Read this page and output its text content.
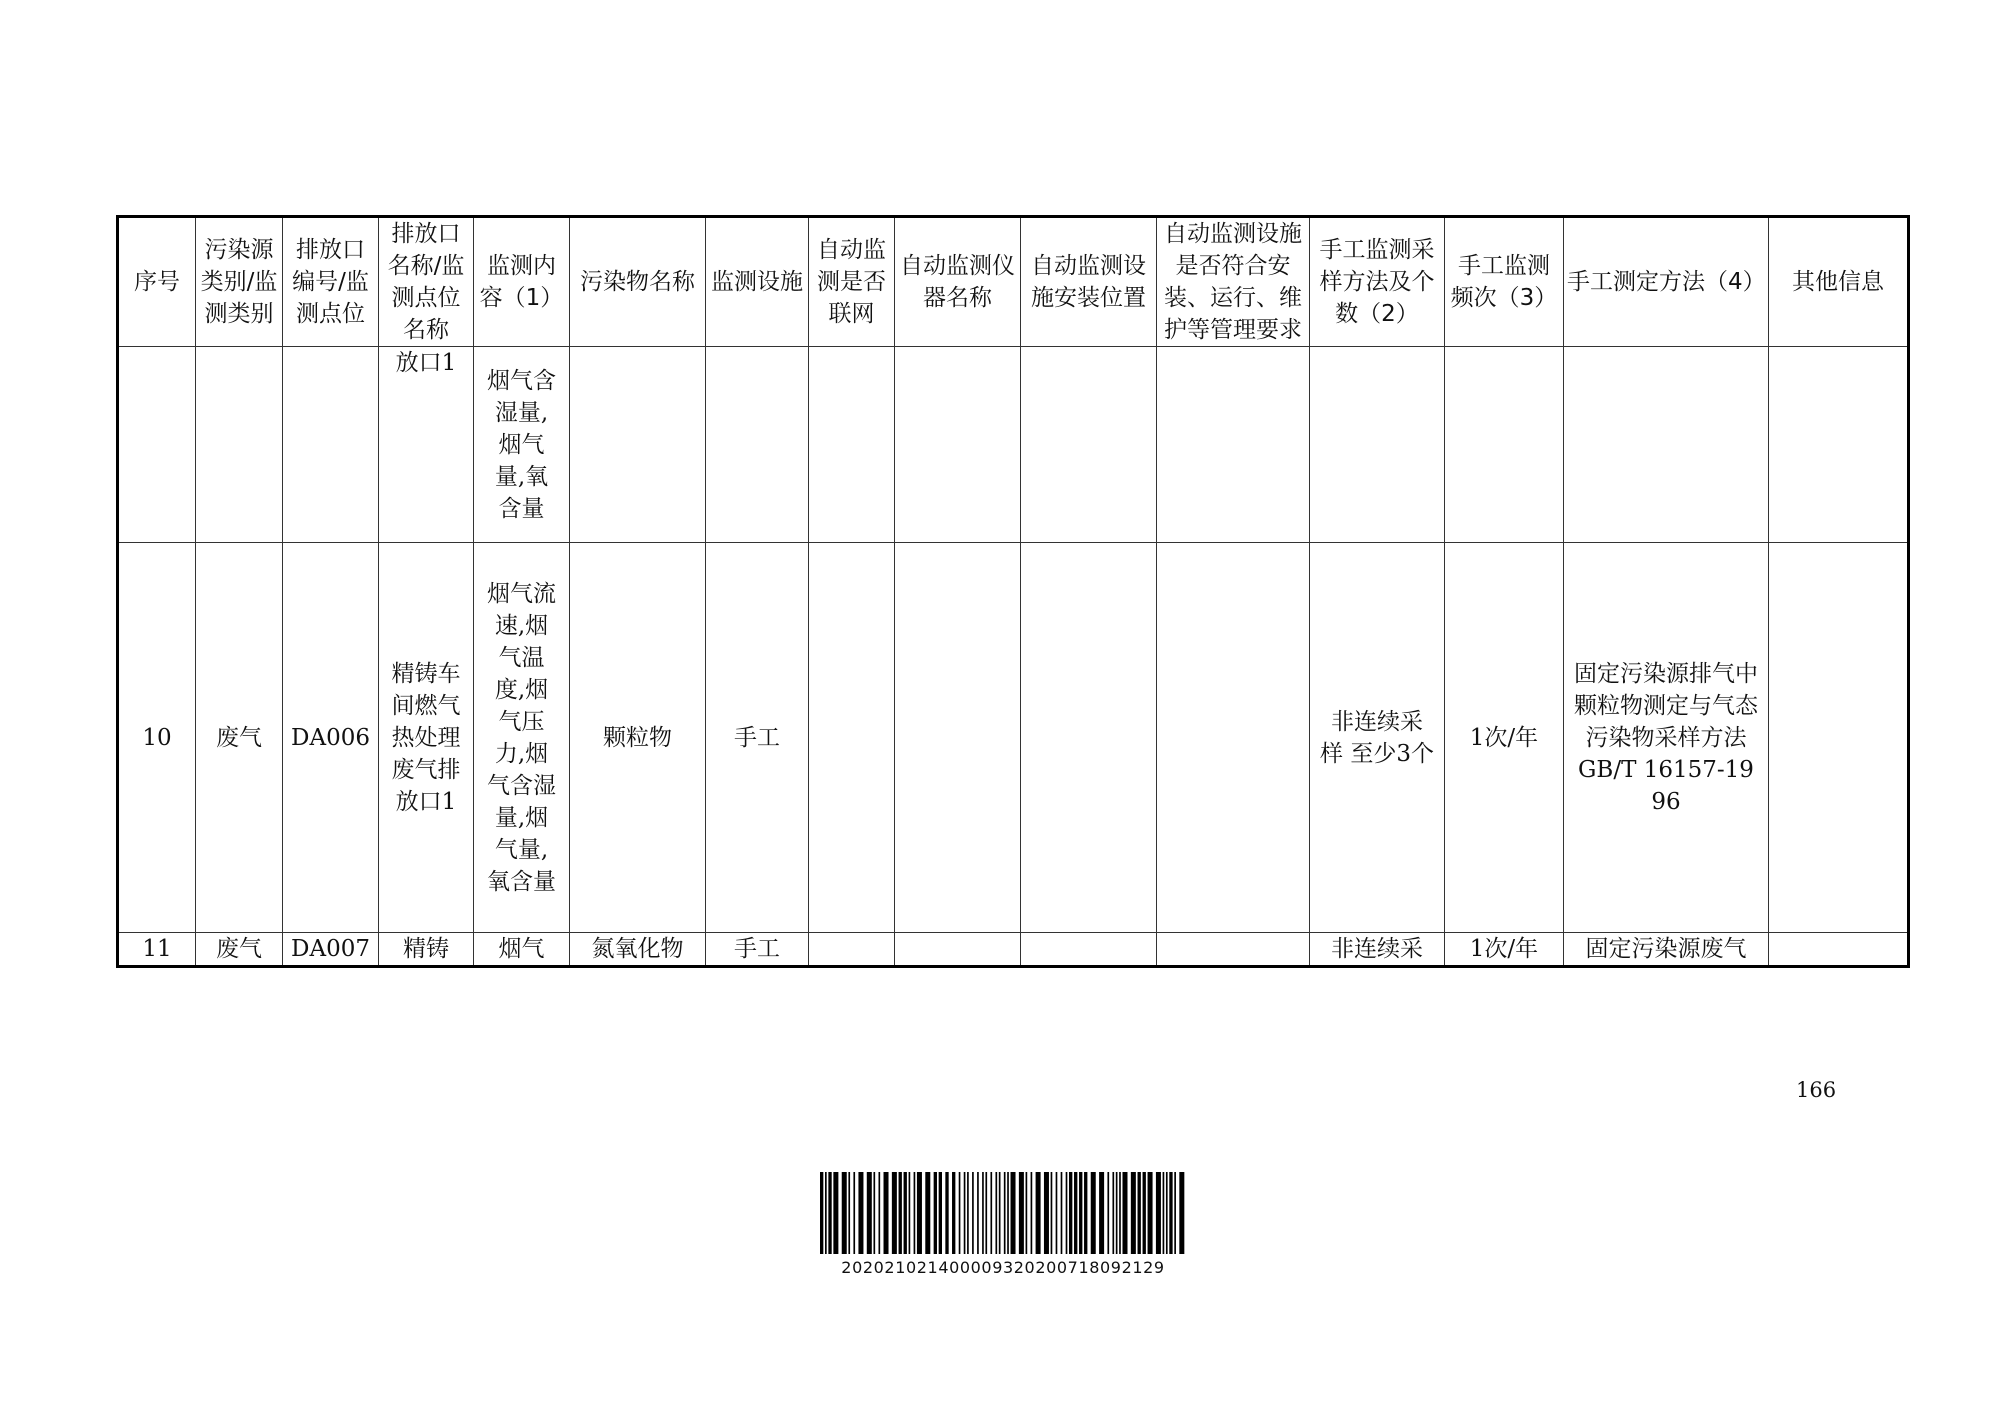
序号	污染源类别/监测类别	排放口编号/监测点位	排放口名称/监测点位名称	监测内容（1）	污染物名称	监测设施	自动监测是否联网	自动监测仪器名称	自动监测设施安装位置	自动监测设施是否符合安装、运行、维护等管理要求	手工监测采样方法及个数（2）	手工监测频次（3）	手工测定方法（4）	其他信息
			放口1	烟气含湿量,烟气量,氧含量										
10	废气	DA006	精铸车间燃气热处理废气排放口1	烟气流速,烟气温度,烟气压力,烟气含湿量,烟气量,氧含量	颗粒物	手工					非连续采样 至少3个	1次/年	固定污染源排气中颗粒物测定与气态污染物采样方法 GB/T 16157-1996	
11	废气	DA007	精铸	烟气	氮氧化物	手工					非连续采	1次/年	固定污染源废气	
166
20202102140000932020071809212​9
